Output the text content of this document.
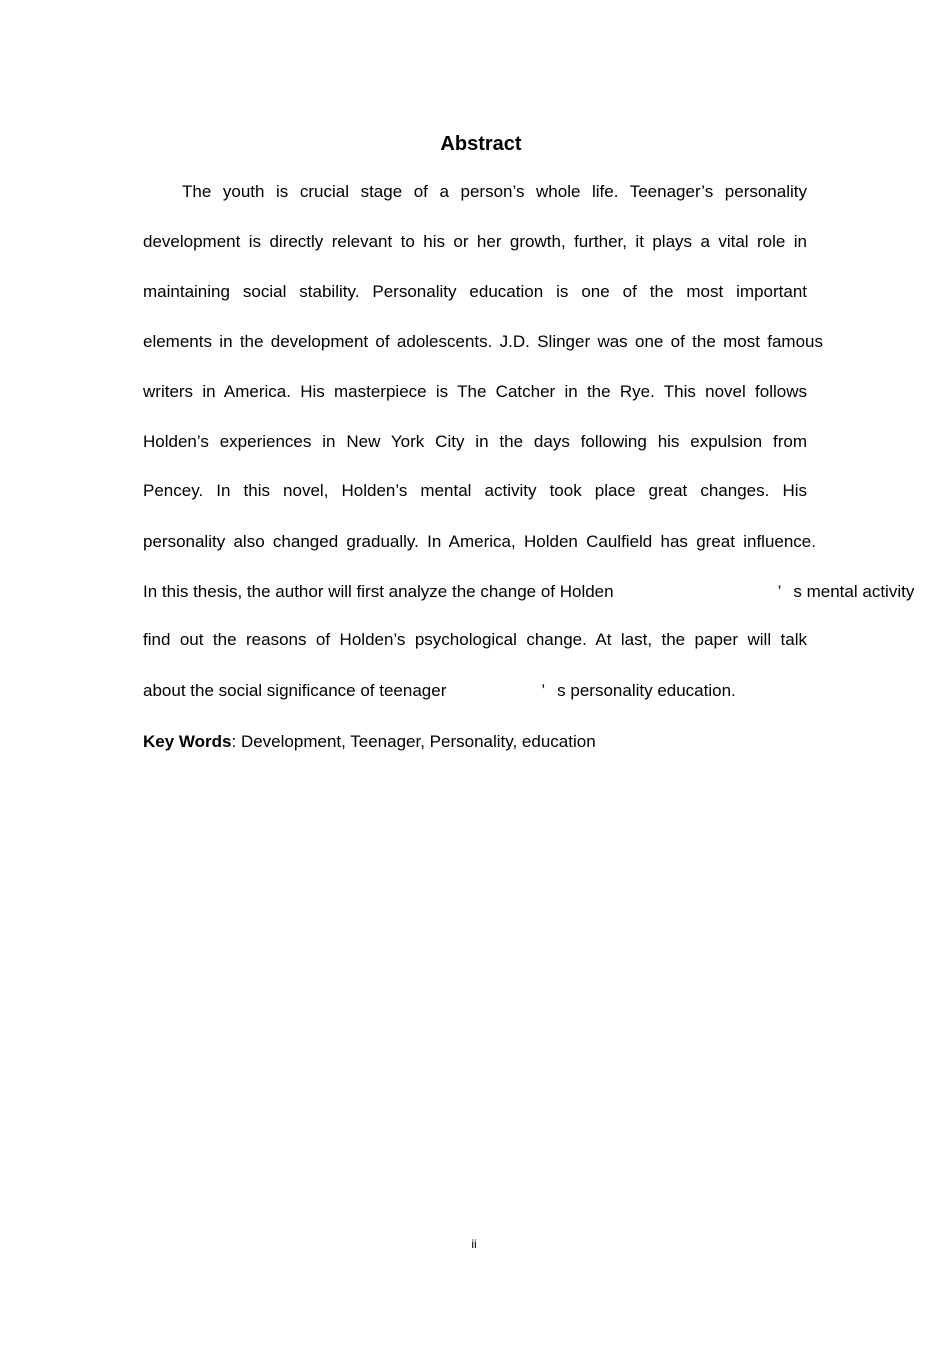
Abstract
The youth is crucial stage of a person’s whole life. Teenager’s personality
development is directly relevant to his or her growth, further, it plays a vital role in
maintaining social stability. Personality education is one of the most important
elements in the development of adolescents. J.D. Slinger was one of the most famous
writers in America. His masterpiece is The Catcher in the Rye. This novel follows
Holden’s experiences in New York City in the days following his expulsion from
Pencey. In this novel, Holden’s mental activity took place great changes. His
personality also changed gradually. In America, Holden Caulfield has great influence.
In this thesis, the author will first analyze the change of Holden	’ s mental activity
find out the reasons of Holden’s psychological change. At last, the paper will talk
about the social significance of teenager	’ s personality education.
Key Words: Development, Teenager, Personality, education
ii
